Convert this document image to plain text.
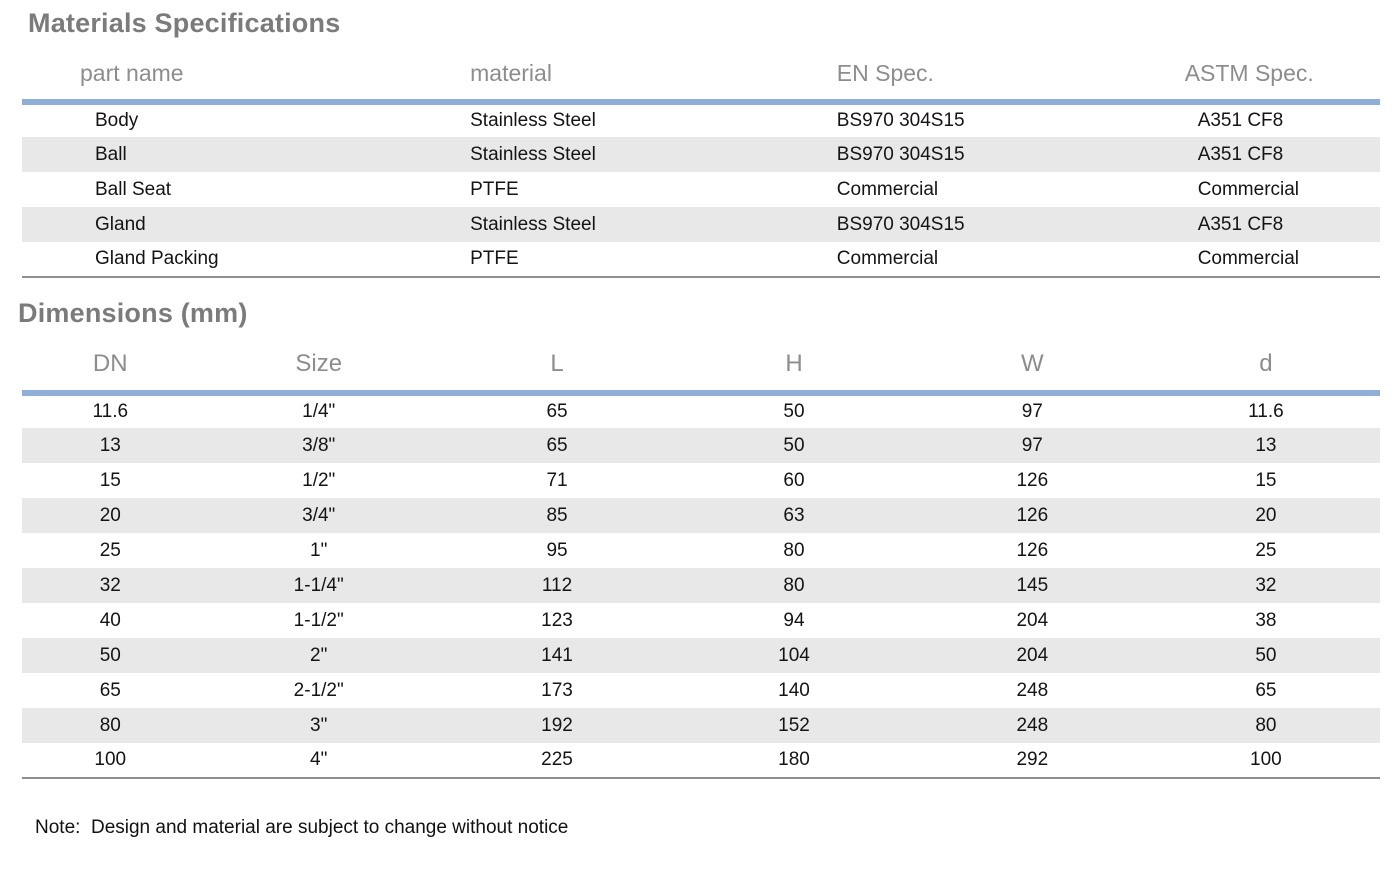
Materials Specifications
part name	material	EN Spec.	ASTM Spec.
Body	Stainless Steel	BS970 304S15	A351 CF8
Ball	Stainless Steel	BS970 304S15	A351 CF8
Ball Seat	PTFE	Commercial	Commercial
Gland	Stainless Steel	BS970 304S15	A351 CF8
Gland Packing	PTFE	Commercial	Commercial
Dimensions (mm)
DN	Size	L	H	W	d
11.6	1/4"	65	50	97	11.6
13	3/8"	65	50	97	13
15	1/2"	71	60	126	15
20	3/4"	85	63	126	20
25	1"	95	80	126	25
32	1-1/4"	112	80	145	32
40	1-1/2"	123	94	204	38
50	2"	141	104	204	50
65	2-1/2"	173	140	248	65
80	3"	192	152	248	80
100	4"	225	180	292	100

Note:  Design and material are subject to change without notice
